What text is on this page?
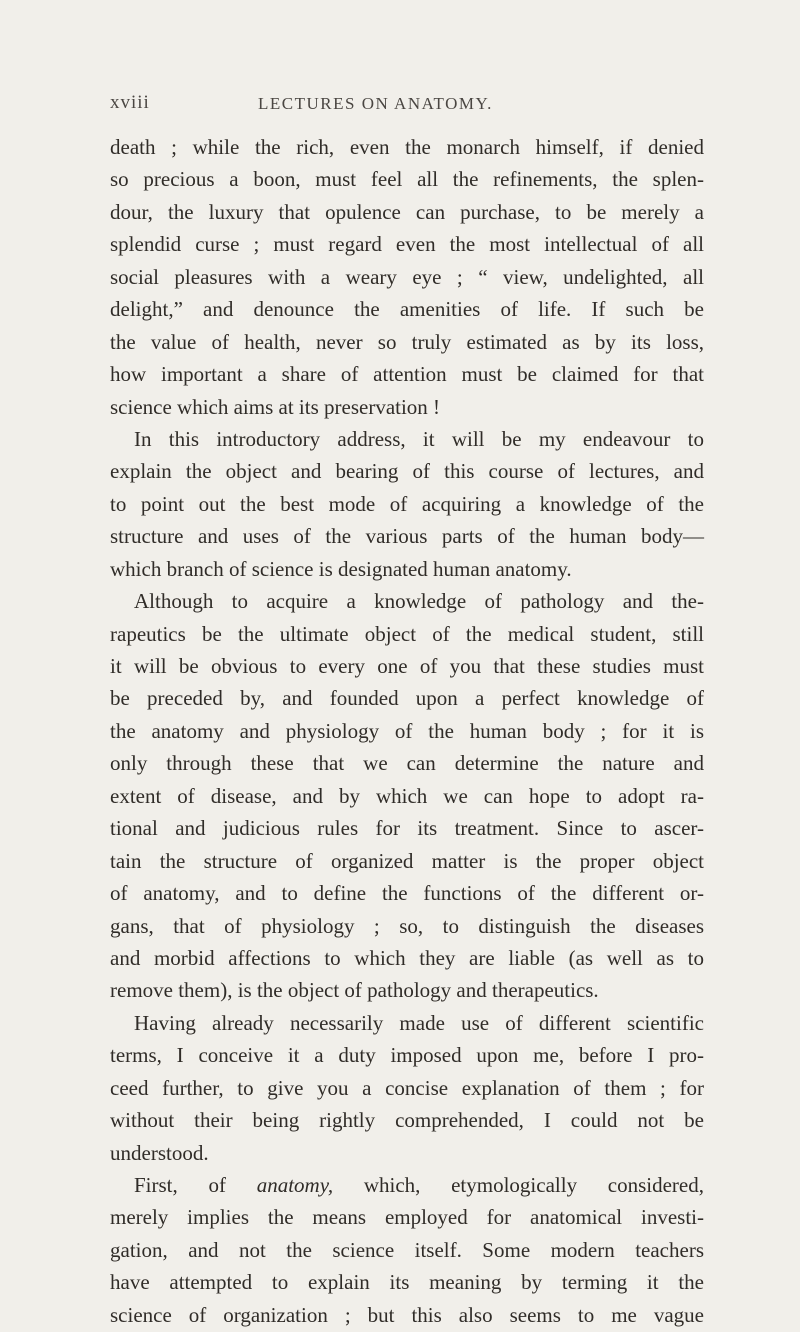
xviii	LECTURES ON ANATOMY.
death ; while the rich, even the monarch himself, if denied
so precious a boon, must feel all the refinements, the splen-
dour, the luxury that opulence can purchase, to be merely a
splendid curse ; must regard even the most intellectual of all
social pleasures with a weary eye ; “ view, undelighted, all
delight,” and denounce the amenities of life. If such be
the value of health, never so truly estimated as by its loss,
how important a share of attention must be claimed for that
science which aims at its preservation !
In this introductory address, it will be my endeavour to
explain the object and bearing of this course of lectures, and
to point out the best mode of acquiring a knowledge of the
structure and uses of the various parts of the human body—
which branch of science is designated human anatomy.
Although to acquire a knowledge of pathology and the-
rapeutics be the ultimate object of the medical student, still
it will be obvious to every one of you that these studies must
be preceded by, and founded upon a perfect knowledge of
the anatomy and physiology of the human body ; for it is
only through these that we can determine the nature and
extent of disease, and by which we can hope to adopt ra-
tional and judicious rules for its treatment. Since to ascer-
tain the structure of organized matter is the proper object
of anatomy, and to define the functions of the different or-
gans, that of physiology ; so, to distinguish the diseases
and morbid affections to which they are liable (as well as to
remove them), is the object of pathology and therapeutics.
Having already necessarily made use of different scientific
terms, I conceive it a duty imposed upon me, before I pro-
ceed further, to give you a concise explanation of them ; for
without their being rightly comprehended, I could not be
understood.
First, of anatomy, which, etymologically considered,
merely implies the means employed for anatomical investi-
gation, and not the science itself. Some modern teachers
have attempted to explain its meaning by terming it the
science of organization ; but this also seems to me vague
